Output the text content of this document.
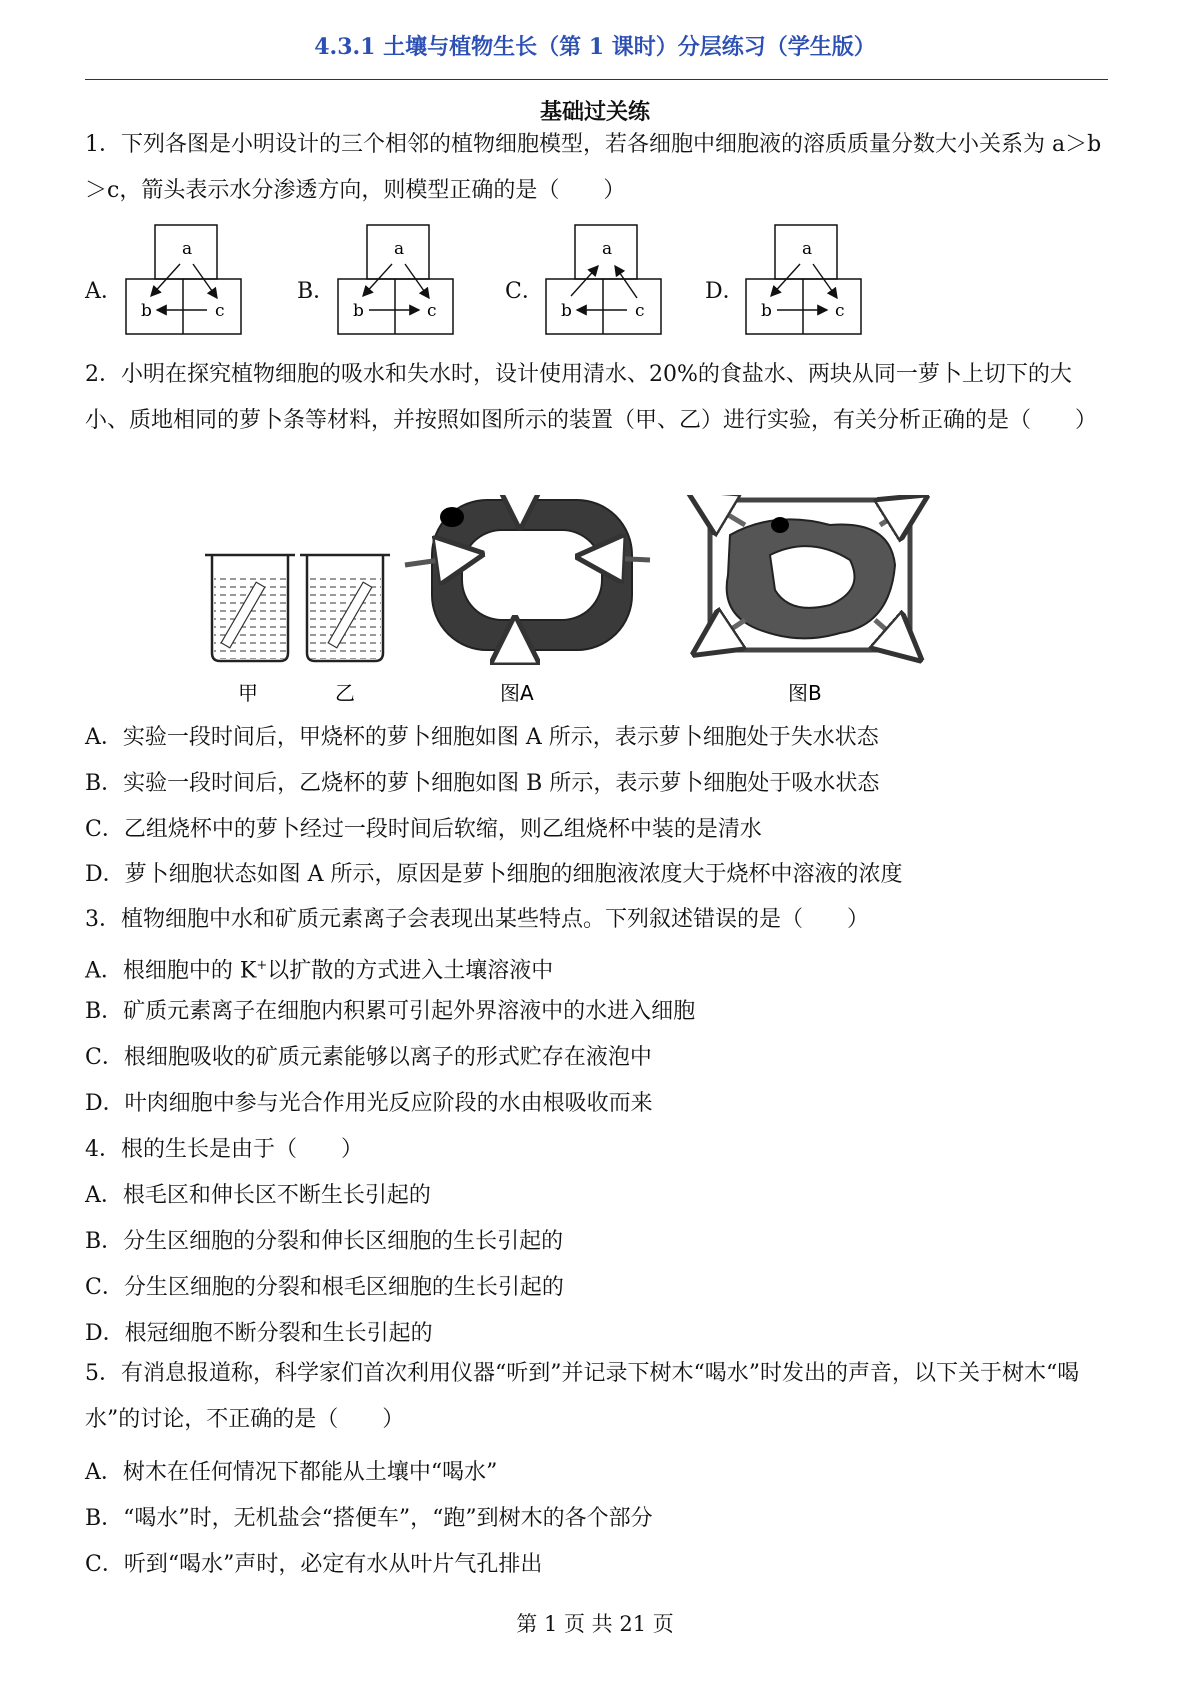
4.3.1 土壤与植物生长（第 1 课时）分层练习（学生版）
基础过关练
1．下列各图是小明设计的三个相邻的植物细胞模型，若各细胞中细胞液的溶质质量分数大小关系为 a＞b＞c，箭头表示水分渗透方向，则模型正确的是（　　）
A．
a
b	c
B．
a
b	c
C．
a
b	c
D．
a
b	c
2．小明在探究植物细胞的吸水和失水时，设计使用清水、20%的食盐水、两块从同一萝卜上切下的大小、质地相同的萝卜条等材料，并按照如图所示的装置（甲、乙）进行实验，有关分析正确的是（　　）
甲	乙	图A	图B
A．实验一段时间后，甲烧杯的萝卜细胞如图 A 所示，表示萝卜细胞处于失水状态
B．实验一段时间后，乙烧杯的萝卜细胞如图 B 所示，表示萝卜细胞处于吸水状态
C．乙组烧杯中的萝卜经过一段时间后软缩，则乙组烧杯中装的是清水
D．萝卜细胞状态如图 A 所示，原因是萝卜细胞的细胞液浓度大于烧杯中溶液的浓度
3．植物细胞中水和矿质元素离子会表现出某些特点。下列叙述错误的是（　　）
A．根细胞中的 K+以扩散的方式进入土壤溶液中
B．矿质元素离子在细胞内积累可引起外界溶液中的水进入细胞
C．根细胞吸收的矿质元素能够以离子的形式贮存在液泡中
D．叶肉细胞中参与光合作用光反应阶段的水由根吸收而来
4．根的生长是由于（　　）
A．根毛区和伸长区不断生长引起的
B．分生区细胞的分裂和伸长区细胞的生长引起的
C．分生区细胞的分裂和根毛区细胞的生长引起的
D．根冠细胞不断分裂和生长引起的
5．有消息报道称，科学家们首次利用仪器“听到”并记录下树木“喝水”时发出的声音，以下关于树木“喝水”的讨论，不正确的是（　　）
A．树木在任何情况下都能从土壤中“喝水”
B．“喝水”时，无机盐会“搭便车”，“跑”到树木的各个部分
C．听到“喝水”声时，必定有水从叶片气孔排出
第 1 页 共 21 页
